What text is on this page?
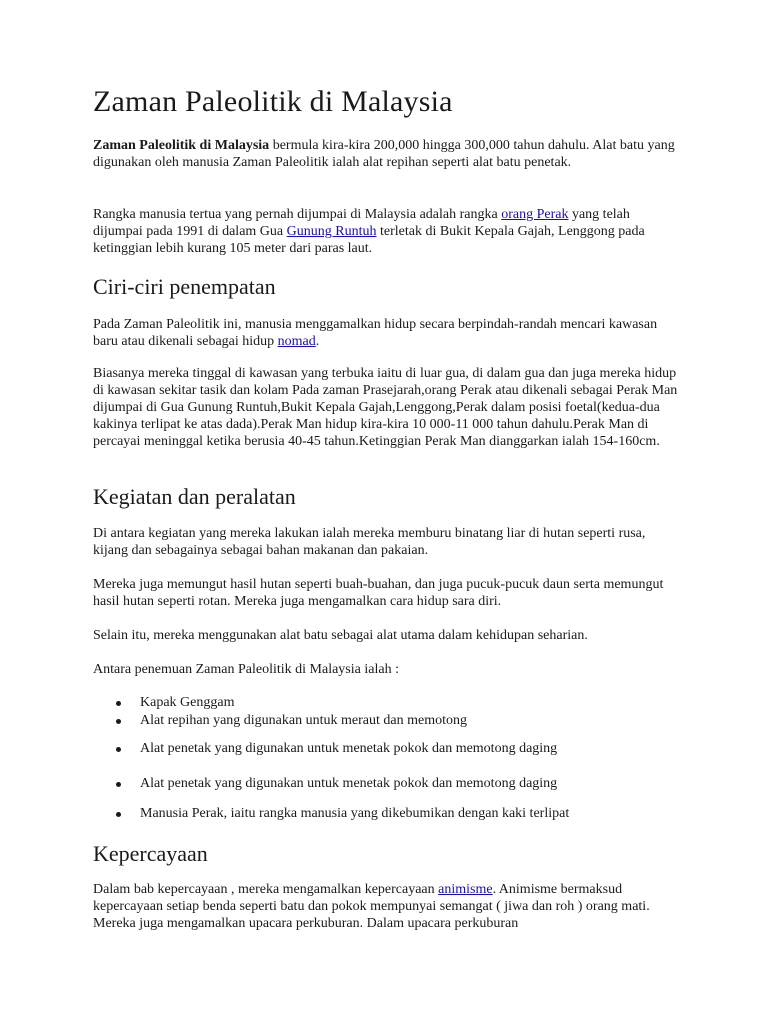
Zaman Paleolitik di Malaysia

Zaman Paleolitik di Malaysia bermula kira-kira 200,000 hingga 300,000 tahun dahulu. Alat batu yang digunakan oleh manusia Zaman Paleolitik ialah alat repihan seperti alat batu penetak.

Rangka manusia tertua yang pernah dijumpai di Malaysia adalah rangka orang Perak yang telah dijumpai pada 1991 di dalam Gua Gunung Runtuh terletak di Bukit Kepala Gajah, Lenggong pada ketinggian lebih kurang 105 meter dari paras laut.

Ciri-ciri penempatan

Pada Zaman Paleolitik ini, manusia menggamalkan hidup secara berpindah-randah mencari kawasan baru atau dikenali sebagai hidup nomad.

Biasanya mereka tinggal di kawasan yang terbuka iaitu di luar gua, di dalam gua dan juga mereka hidup di kawasan sekitar tasik dan kolam Pada zaman Prasejarah,orang Perak atau dikenali sebagai Perak Man dijumpai di Gua Gunung Runtuh,Bukit Kepala Gajah,Lenggong,Perak dalam posisi foetal(kedua-dua kakinya terlipat ke atas dada).Perak Man hidup kira-kira 10 000-11 000 tahun dahulu.Perak Man di percayai meninggal ketika berusia 40-45 tahun.Ketinggian Perak Man dianggarkan ialah 154-160cm.

Kegiatan dan peralatan

Di antara kegiatan yang mereka lakukan ialah mereka memburu binatang liar di hutan seperti rusa, kijang dan sebagainya sebagai bahan makanan dan pakaian.

Mereka juga memungut hasil hutan seperti buah-buahan, dan juga pucuk-pucuk daun serta memungut hasil hutan seperti rotan. Mereka juga mengamalkan cara hidup sara diri.

Selain itu, mereka menggunakan alat batu sebagai alat utama dalam kehidupan seharian.

Antara penemuan Zaman Paleolitik di Malaysia ialah :

Kapak Genggam
Alat repihan yang digunakan untuk meraut dan memotong
Alat penetak yang digunakan untuk menetak pokok dan memotong daging
Alat penetak yang digunakan untuk menetak pokok dan memotong daging
Manusia Perak, iaitu rangka manusia yang dikebumikan dengan kaki terlipat
Kepercayaan

Dalam bab kepercayaan , mereka mengamalkan kepercayaan animisme. Animisme bermaksud kepercayaan setiap benda seperti batu dan pokok mempunyai semangat ( jiwa dan roh ) orang mati. Mereka juga mengamalkan upacara perkuburan. Dalam upacara perkuburan
